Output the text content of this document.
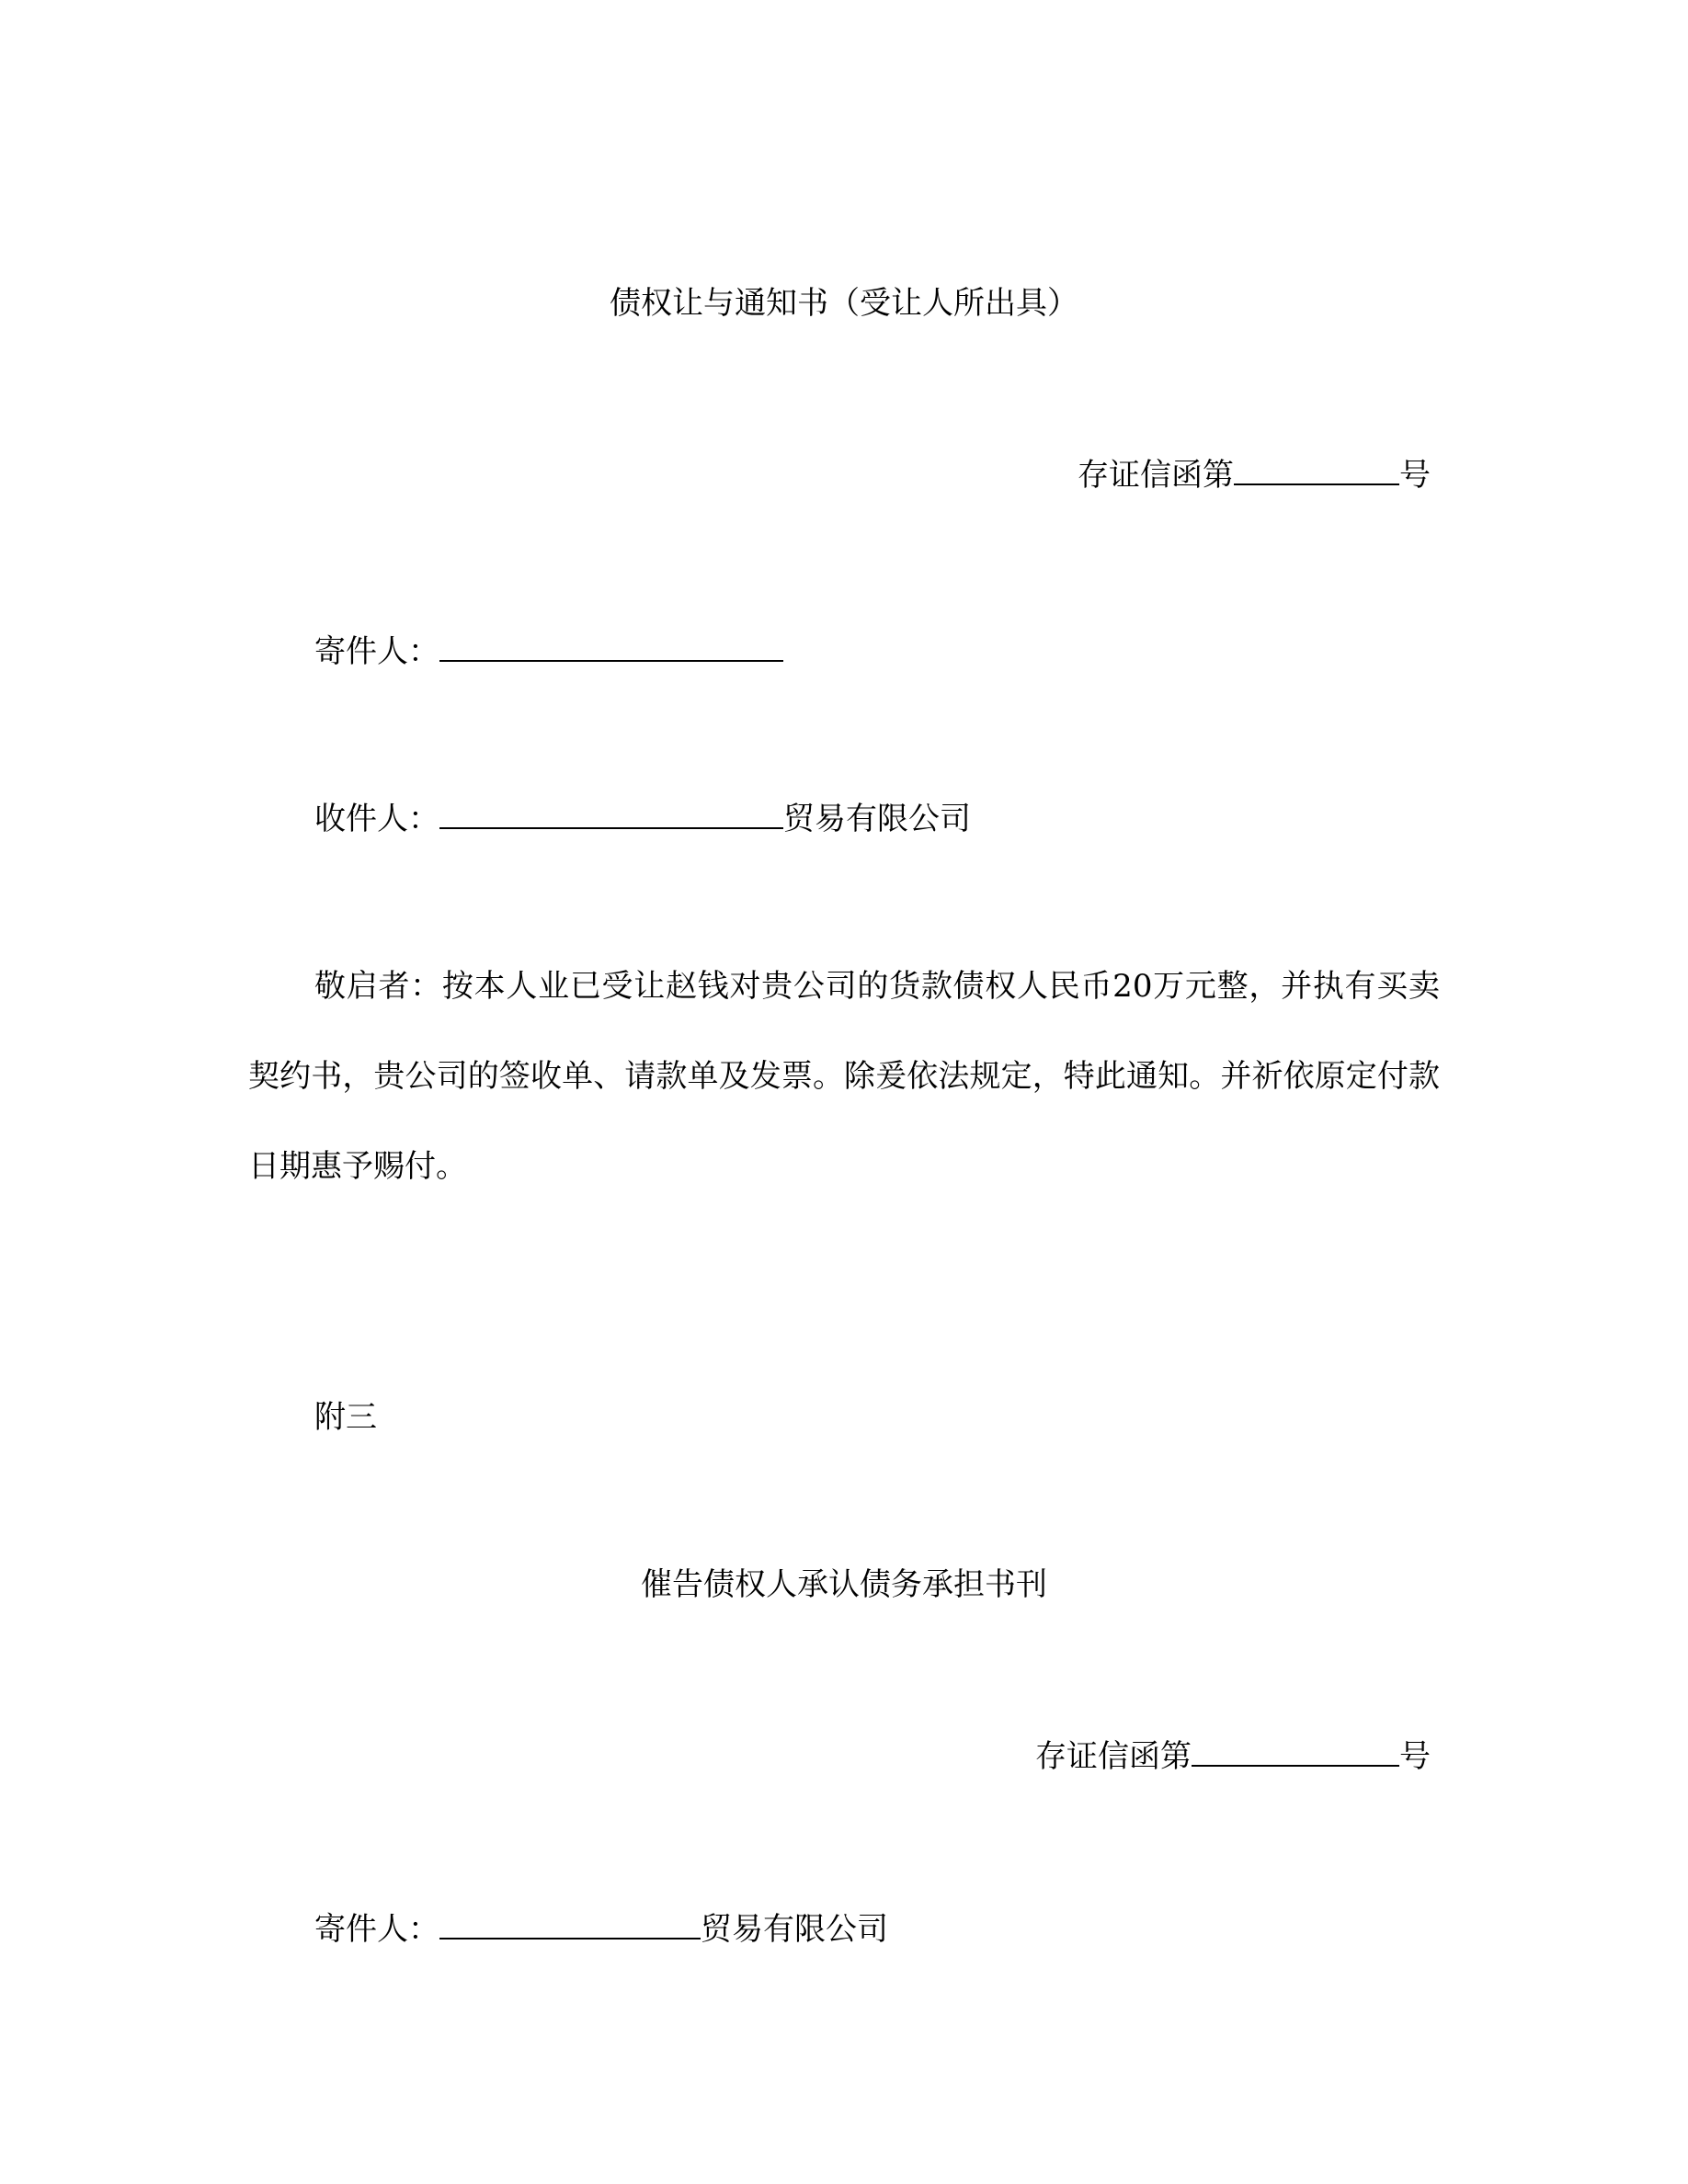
债权让与通知书（受让人所出具）
存证信函第	号
寄件人：
收件人：	贸易有限公司
敬启者：按本人业已受让赵钱对贵公司的货款债权人民币20万元整，并执有买卖契约书，贵公司的签收单、请款单及发票。除爰依法规定，特此通知。并祈依原定付款日期惠予赐付。
附三
催告债权人承认债务承担书刊
存证信函第	号
寄件人：	贸易有限公司
